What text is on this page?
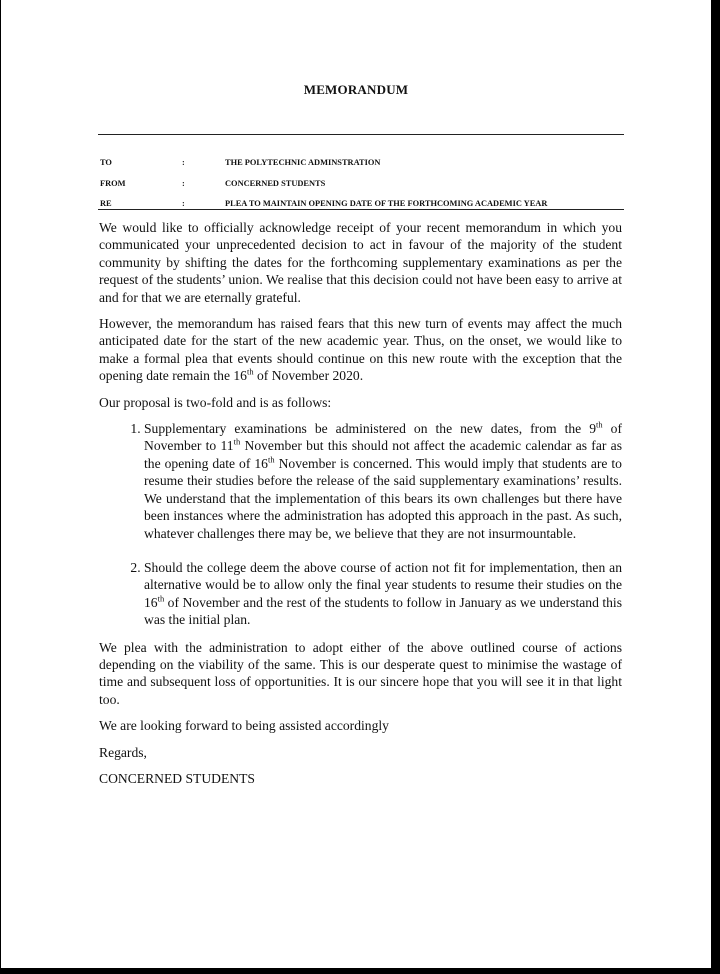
MEMORANDUM
TO	:	THE POLYTECHNIC ADMINSTRATION
FROM	:	CONCERNED STUDENTS
RE	:	PLEA TO MAINTAIN OPENING DATE OF THE FORTHCOMING ACADEMIC YEAR

We would like to officially acknowledge receipt of your recent memorandum in which you communicated your unprecedented decision to act in favour of the majority of the student community by shifting the dates for the forthcoming supplementary examinations as per the request of the students’ union. We realise that this decision could not have been easy to arrive at and for that we are eternally grateful.

However, the memorandum has raised fears that this new turn of events may affect the much anticipated date for the start of the new academic year. Thus, on the onset, we would like to make a formal plea that events should continue on this new route with the exception that the opening date remain the 16th of November 2020.

Our proposal is two-fold and is as follows:

1. Supplementary examinations be administered on the new dates, from the 9th of November to 11th November but this should not affect the academic calendar as far as the opening date of 16th November is concerned. This would imply that students are to resume their studies before the release of the said supplementary examinations’ results. We understand that the implementation of this bears its own challenges but there have been instances where the administration has adopted this approach in the past. As such, whatever challenges there may be, we believe that they are not insurmountable.
2. Should the college deem the above course of action not fit for implementation, then an alternative would be to allow only the final year students to resume their studies on the 16th of November and the rest of the students to follow in January as we understand this was the initial plan.

We plea with the administration to adopt either of the above outlined course of actions depending on the viability of the same. This is our desperate quest to minimise the wastage of time and subsequent loss of opportunities. It is our sincere hope that you will see it in that light too.

We are looking forward to being assisted accordingly

Regards,

CONCERNED STUDENTS
